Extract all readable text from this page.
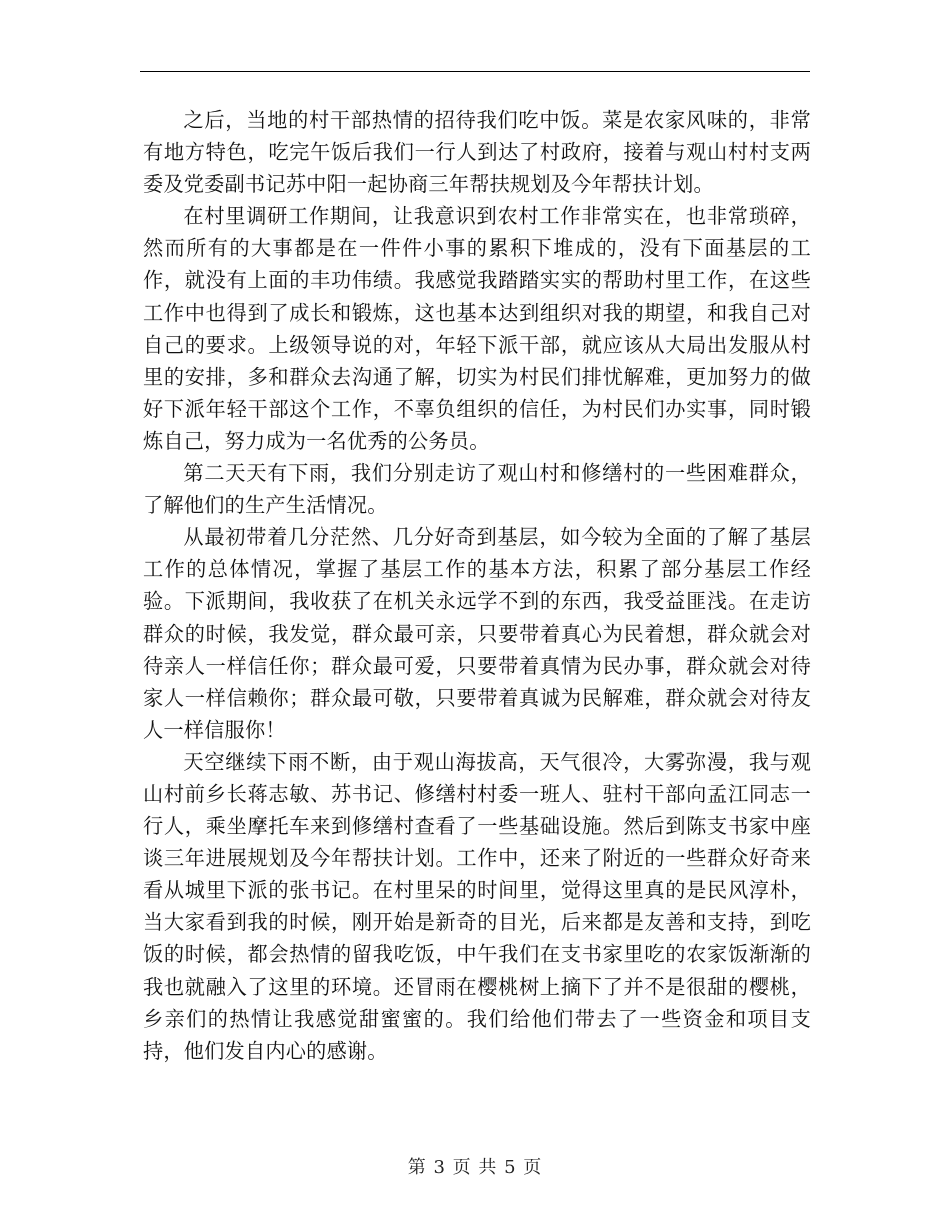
之后，当地的村干部热情的招待我们吃中饭。菜是农家风味的，非常有地方特色，吃完午饭后我们一行人到达了村政府，接着与观山村村支两委及党委副书记苏中阳一起协商三年帮扶规划及今年帮扶计划。

在村里调研工作期间，让我意识到农村工作非常实在，也非常琐碎，然而所有的大事都是在一件件小事的累积下堆成的，没有下面基层的工作，就没有上面的丰功伟绩。我感觉我踏踏实实的帮助村里工作，在这些工作中也得到了成长和锻炼，这也基本达到组织对我的期望，和我自己对自己的要求。上级领导说的对，年轻下派干部，就应该从大局出发服从村里的安排，多和群众去沟通了解，切实为村民们排忧解难，更加努力的做好下派年轻干部这个工作，不辜负组织的信任，为村民们办实事，同时锻炼自己，努力成为一名优秀的公务员。

第二天天有下雨，我们分别走访了观山村和修缮村的一些困难群众，了解他们的生产生活情况。

从最初带着几分茫然、几分好奇到基层，如今较为全面的了解了基层工作的总体情况，掌握了基层工作的基本方法，积累了部分基层工作经验。下派期间，我收获了在机关永远学不到的东西，我受益匪浅。在走访群众的时候，我发觉，群众最可亲，只要带着真心为民着想，群众就会对待亲人一样信任你；群众最可爱，只要带着真情为民办事，群众就会对待家人一样信赖你；群众最可敬，只要带着真诚为民解难，群众就会对待友人一样信服你！

天空继续下雨不断，由于观山海拔高，天气很冷，大雾弥漫，我与观山村前乡长蒋志敏、苏书记、修缮村村委一班人、驻村干部向孟江同志一行人，乘坐摩托车来到修缮村查看了一些基础设施。然后到陈支书家中座谈三年进展规划及今年帮扶计划。工作中，还来了附近的一些群众好奇来看从城里下派的张书记。在村里呆的时间里，觉得这里真的是民风淳朴，当大家看到我的时候，刚开始是新奇的目光，后来都是友善和支持，到吃饭的时候，都会热情的留我吃饭，中午我们在支书家里吃的农家饭渐渐的我也就融入了这里的环境。还冒雨在樱桃树上摘下了并不是很甜的樱桃，乡亲们的热情让我感觉甜蜜蜜的。我们给他们带去了一些资金和项目支持，他们发自内心的感谢。

第 3 页 共 5 页
